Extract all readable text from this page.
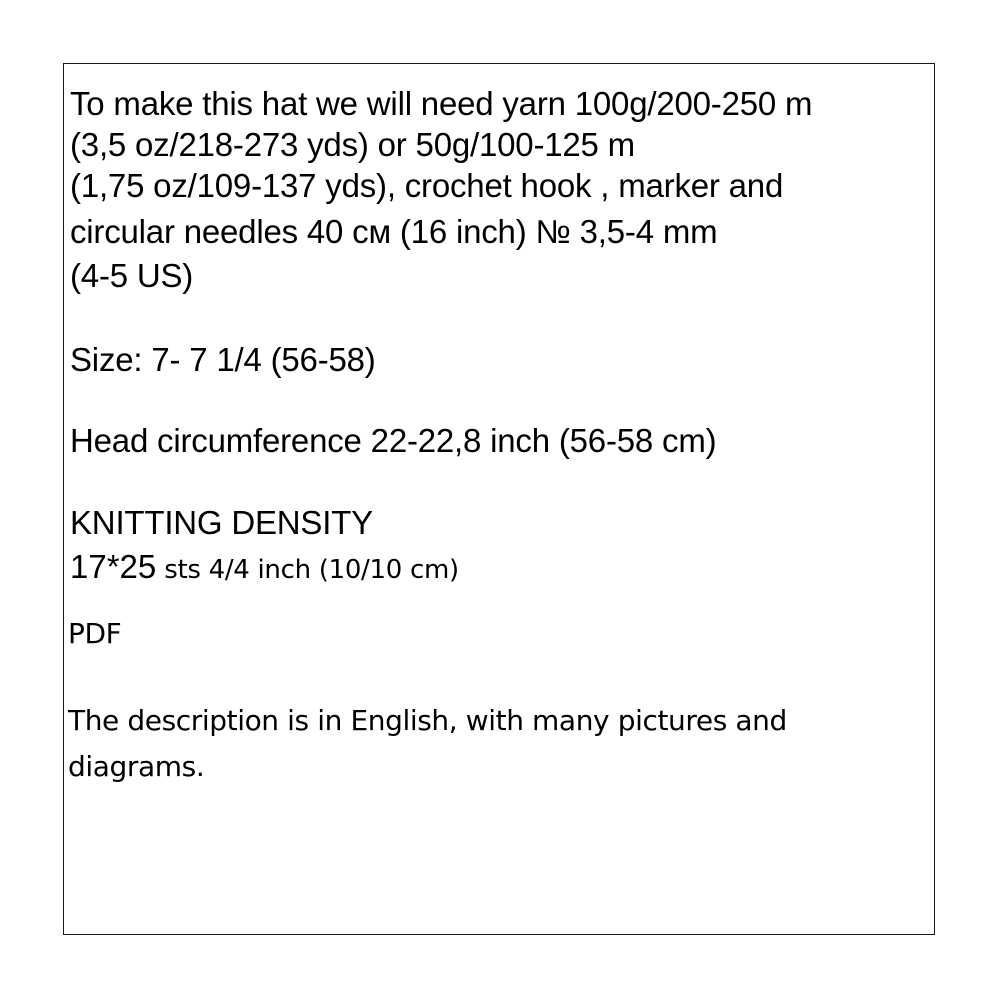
To make this hat we will need yarn 100g/200-250 m
(3,5 oz/218-273 yds) or 50g/100-125 m
(1,75 oz/109-137 yds), crochet hook , marker and
circular needles 40 см (16 inch) № 3,5-4 mm
(4-5 US)
Size: 7- 7 1/4 (56-58)
Head circumference 22-22,8 inch (56-58 cm)
KNITTING DENSITY
17*25 sts 4/4 inch (10/10 cm)
PDF
The description is in English, with many pictures and
diagrams.
